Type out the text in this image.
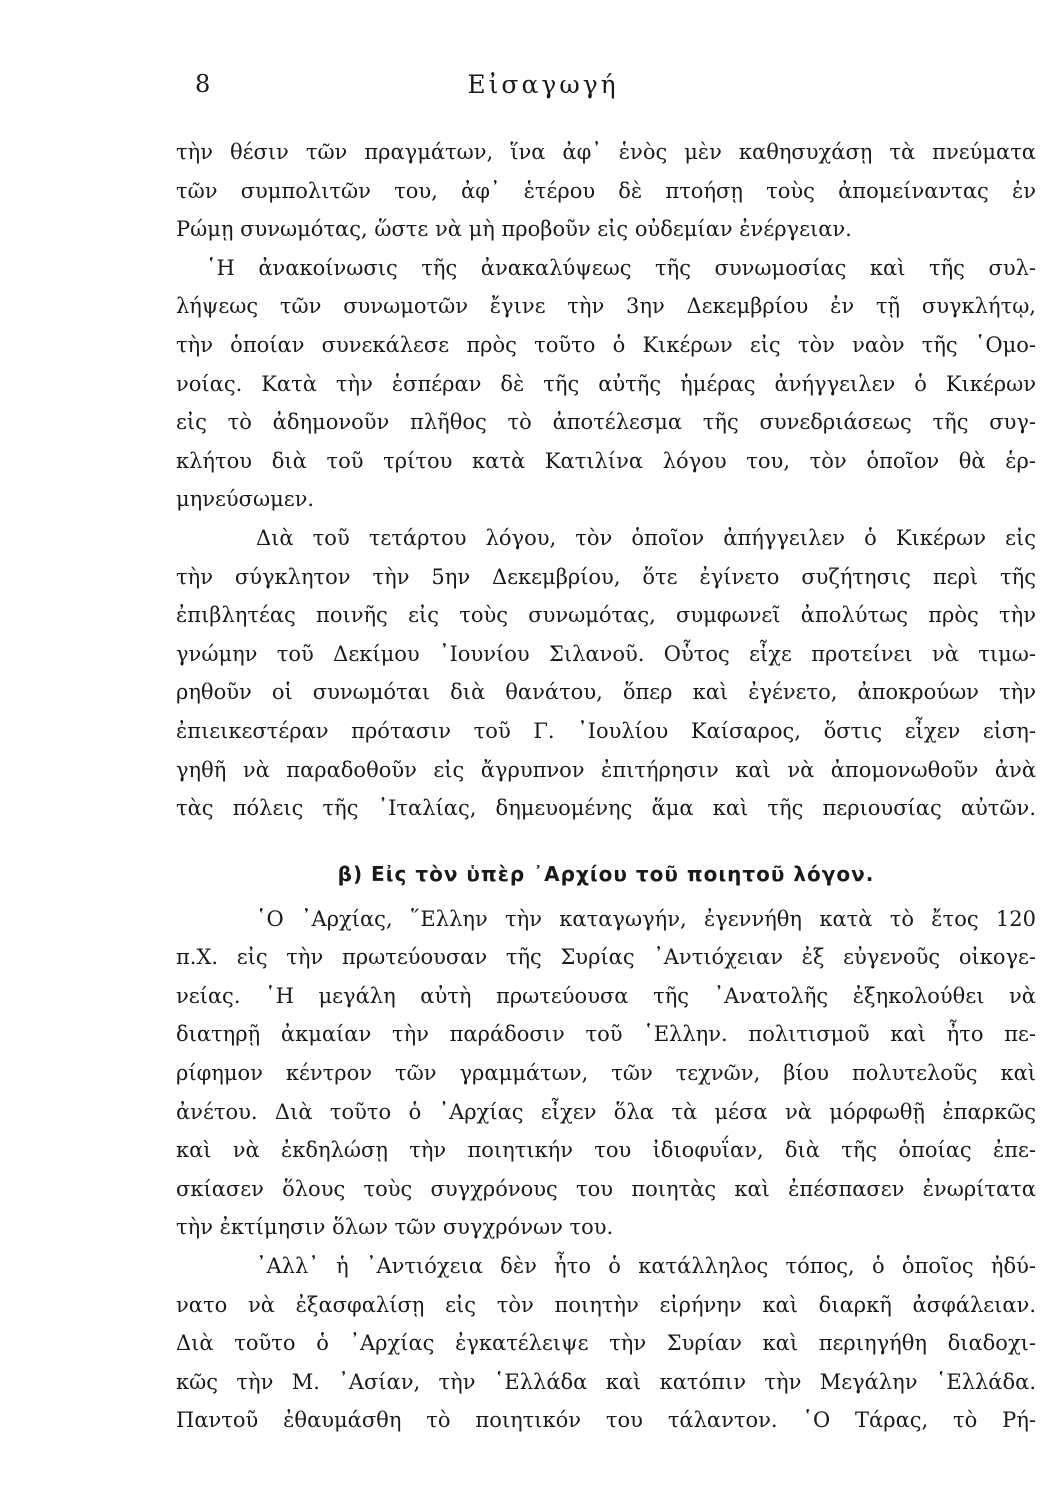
8	Εἰσαγωγή
τὴν θέσιν τῶν πραγμάτων, ἵνα ἀφ᾽ ἑνὸς μὲν καθησυχάσῃ τὰ πνεύματα
τῶν συμπολιτῶν του, ἀφ᾽ ἑτέρου δὲ πτοήσῃ τοὺς ἀπομείναντας ἐν
Ρώμῃ συνωμότας, ὥστε νὰ μὴ προβοῦν εἰς οὐδεμίαν ἐνέργειαν.
῾Η ἀνακοίνωσις τῆς ἀνακαλύψεως τῆς συνωμοσίας καὶ τῆς συλ-
λήψεως τῶν συνωμοτῶν ἔγινε τὴν 3ην Δεκεμβρίου ἐν τῇ συγκλήτῳ,
τὴν ὁποίαν συνεκάλεσε πρὸς τοῦτο ὁ Κικέρων εἰς τὸν ναὸν τῆς ῾Ομο-
νοίας. Κατὰ τὴν ἑσπέραν δὲ τῆς αὐτῆς ἡμέρας ἀνήγγειλεν ὁ Κικέρων
εἰς τὸ ἀδημονοῦν πλῆθος τὸ ἀποτέλεσμα τῆς συνεδριάσεως τῆς συγ-
κλήτου διὰ τοῦ τρίτου κατὰ Κατιλίνα λόγου του, τὸν ὁποῖον θὰ ἑρ-
μηνεύσωμεν.
Διὰ τοῦ τετάρτου λόγου, τὸν ὁποῖον ἀπήγγειλεν ὁ Κικέρων εἰς
τὴν σύγκλητον τὴν 5ην Δεκεμβρίου, ὅτε ἐγίνετο συζήτησις περὶ τῆς
ἐπιβλητέας ποινῆς εἰς τοὺς συνωμότας, συμφωνεῖ ἀπολύτως πρὸς τὴν
γνώμην τοῦ Δεκίμου ᾿Ιουνίου Σιλανοῦ. Οὗτος εἶχε προτείνει νὰ τιμω-
ρηθοῦν οἱ συνωμόται διὰ θανάτου, ὅπερ καὶ ἐγένετο, ἀποκρούων τὴν
ἐπιεικεστέραν πρότασιν τοῦ Γ. ᾿Ιουλίου Καίσαρος, ὅστις εἶχεν εἰση-
γηθῆ νὰ παραδοθοῦν εἰς ἄγρυπνον ἐπιτήρησιν καὶ νὰ ἀπομονωθοῦν ἀνὰ
τὰς πόλεις τῆς ᾿Ιταλίας, δημευομένης ἅμα καὶ τῆς περιουσίας αὐτῶν.
β) Εἰς τὸν ὑπὲρ ᾿Αρχίου τοῦ ποιητοῦ λόγον.
῾Ο ᾿Αρχίας, ῞Ελλην τὴν καταγωγήν, ἐγεννήθη κατὰ τὸ ἔτος 120
π.Χ. εἰς τὴν πρωτεύουσαν τῆς Συρίας ᾿Αντιόχειαν ἐξ εὐγενοῦς οἰκογε-
νείας. ῾Η μεγάλη αὐτὴ πρωτεύουσα τῆς ᾿Ανατολῆς ἐξηκολούθει νὰ
διατηρῇ ἀκμαίαν τὴν παράδοσιν τοῦ ῾Ελλην. πολιτισμοῦ καὶ ἦτο πε-
ρίφημον κέντρον τῶν γραμμάτων, τῶν τεχνῶν, βίου πολυτελοῦς καὶ
ἀνέτου. Διὰ τοῦτο ὁ ᾿Αρχίας εἶχεν ὅλα τὰ μέσα νὰ μόρφωθῇ ἐπαρκῶς
καὶ νὰ ἐκδηλώσῃ τὴν ποιητικήν του ἰδιοφυΐαν, διὰ τῆς ὁποίας ἐπε-
σκίασεν ὅλους τοὺς συγχρόνους του ποιητὰς καὶ ἐπέσπασεν ἐνωρίτατα
τὴν ἐκτίμησιν ὅλων τῶν συγχρόνων του.
᾿Αλλ᾽ ἡ ᾿Αντιόχεια δὲν ἦτο ὁ κατάλληλος τόπος, ὁ ὁποῖος ἠδύ-
νατο νὰ ἐξασφαλίσῃ εἰς τὸν ποιητὴν εἰρήνην καὶ διαρκῆ ἀσφάλειαν.
Διὰ τοῦτο ὁ ᾿Αρχίας ἐγκατέλειψε τὴν Συρίαν καὶ περιηγήθη διαδοχι-
κῶς τὴν Μ. ᾿Ασίαν, τὴν ῾Ελλάδα καὶ κατόπιν τὴν Μεγάλην ῾Ελλάδα.
Παντοῦ ἐθαυμάσθη τὸ ποιητικόν του τάλαντον. ῾Ο Τάρας, τὸ Ρή-
